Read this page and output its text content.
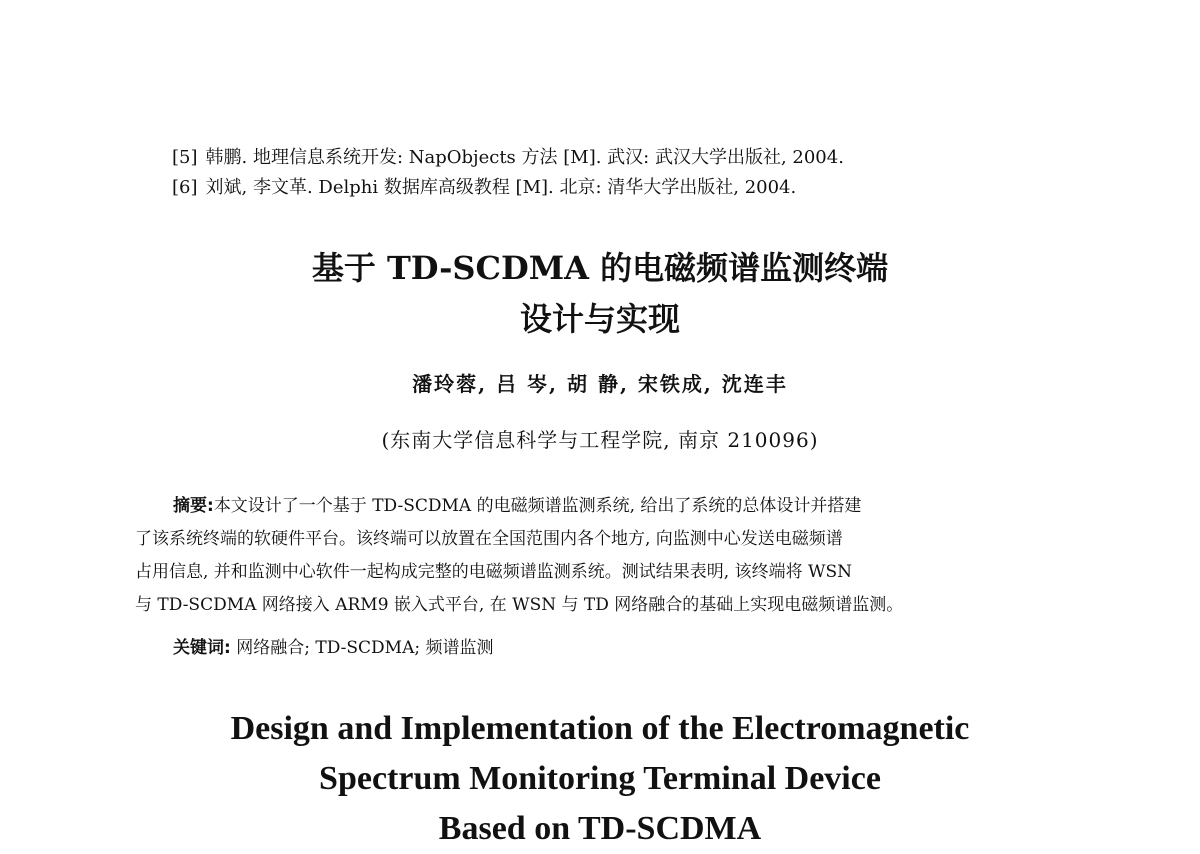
[5] 韩鹏. 地理信息系统开发: NapObjects 方法 [M]. 武汉: 武汉大学出版社, 2004.
[6] 刘斌, 李文革. Delphi 数据库高级教程 [M]. 北京: 清华大学出版社, 2004.
基于 TD-SCDMA 的电磁频谱监测终端
设计与实现
潘玲蓉, 吕 岑, 胡 静, 宋铁成, 沈连丰
(东南大学信息科学与工程学院, 南京 210096)
摘要:本文设计了一个基于 TD-SCDMA 的电磁频谱监测系统, 给出了系统的总体设计并搭建
了该系统终端的软硬件平台。该终端可以放置在全国范围内各个地方, 向监测中心发送电磁频谱
占用信息, 并和监测中心软件一起构成完整的电磁频谱监测系统。测试结果表明, 该终端将 WSN
与 TD-SCDMA 网络接入 ARM9 嵌入式平台, 在 WSN 与 TD 网络融合的基础上实现电磁频谱监测。
关键词: 网络融合; TD-SCDMA; 频谱监测
Design and Implementation of the Electromagnetic
Spectrum Monitoring Terminal Device
Based on TD-SCDMA
